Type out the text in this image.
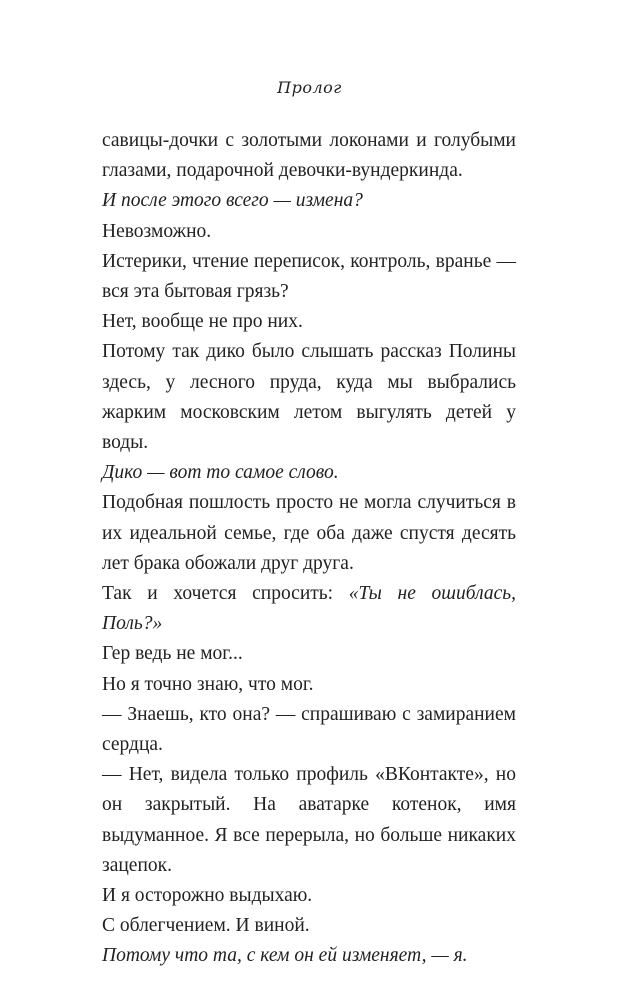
Пролог

савицы-дочки с золотыми локонами и голубыми глазами, подарочной девочки-вундеркинда.

И после этого всего — измена?

Невозможно.

Истерики, чтение переписок, контроль, вранье — вся эта бытовая грязь?

Нет, вообще не про них.

Потому так дико было слышать рассказ Полины здесь, у лесного пруда, куда мы выбрались жарким московским летом выгулять детей у воды.

Дико — вот то самое слово.

Подобная пошлость просто не могла случиться в их идеальной семье, где оба даже спустя десять лет брака обожали друг друга.

Так и хочется спросить: «Ты не ошиблась, Поль?»

Гер ведь не мог...

Но я точно знаю, что мог.

— Знаешь, кто она? — спрашиваю с замиранием сердца.

— Нет, видела только профиль «ВКонтакте», но он закрытый. На аватарке котенок, имя выдуманное. Я все перерыла, но больше никаких зацепок.

И я осторожно выдыхаю.

С облегчением. И виной.

Потому что та, с кем он ей изменяет, — я.
